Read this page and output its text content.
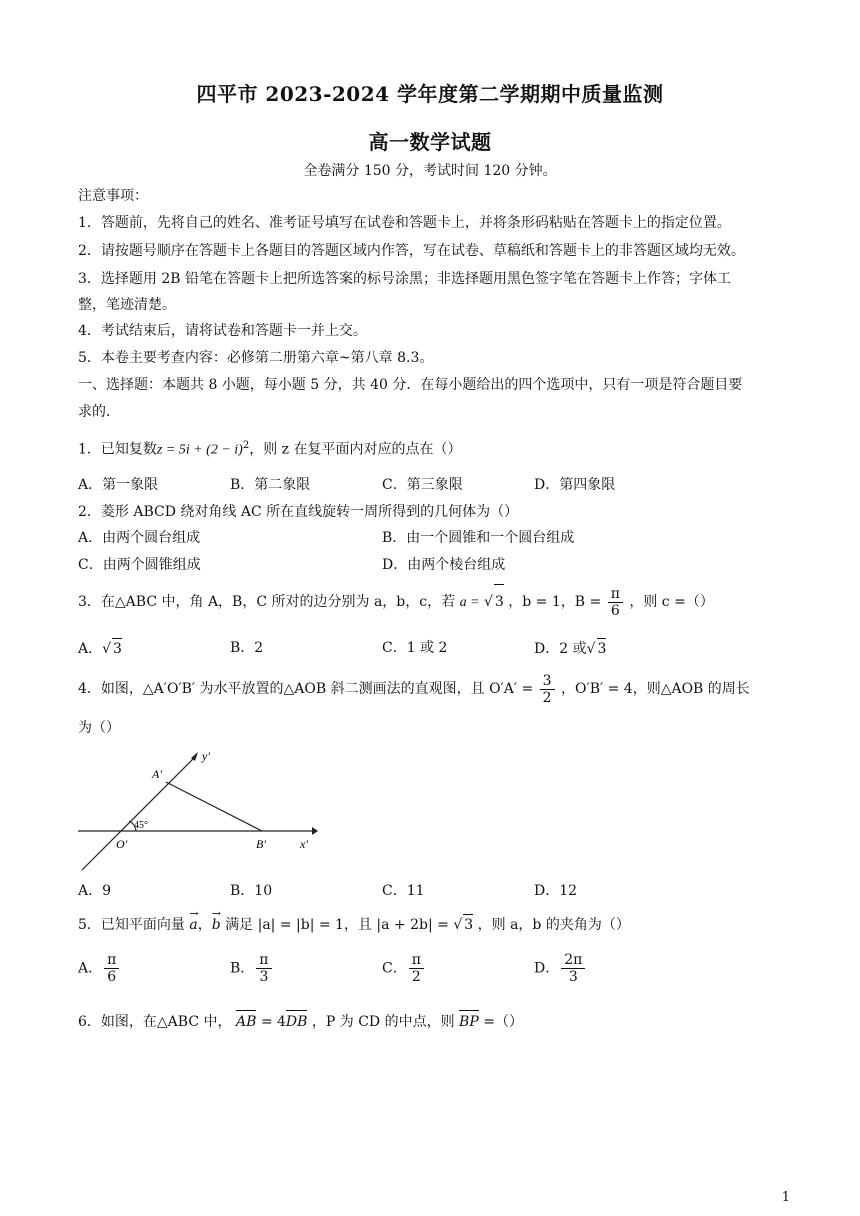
四平市 2023-2024 学年度第二学期期中质量监测
高一数学试题
全卷满分 150 分，考试时间 120 分钟。
注意事项：
1．答题前，先将自己的姓名、准考证号填写在试卷和答题卡上，并将条形码粘贴在答题卡上的指定位置。
2．请按题号顺序在答题卡上各题目的答题区域内作答，写在试卷、草稿纸和答题卡上的非答题区域均无效。
3．选择题用 2B 铅笔在答题卡上把所选答案的标号涂黑；非选择题用黑色签字笔在答题卡上作答；字体工
整，笔迹清楚。
4．考试结束后，请将试卷和答题卡一并上交。
5．本卷主要考查内容：必修第二册第六章~第八章 8.3。
一、选择题：本题共 8 小题，每小题 5 分，共 40 分．在每小题给出的四个选项中，只有一项是符合题目要
求的．
1．已知复数$z = 5i + (2 - i)^2$，则 z 在复平面内对应的点在（）
A．第一象限	B．第二象限	C．第三象限	D．第四象限
2．菱形 ABCD 绕对角线 AC 所在直线旋转一周所得到的几何体为（）
A．由两个圆台组成	B．由一个圆锥和一个圆台组成
C．由两个圆锥组成	D．由两个棱台组成
3．在△ABC 中，角 A，B，C 所对的边分别为 a，b，c，若 a = √ 3 ，b = 1，$B = \frac{\pi}{6}$ ，则 c =（）
A．√ 3	B．2	C．1 或 2	D．2 或√ 3
4．如图，△A′O′B′ 为水平放置的△AOB 斜二测画法的直观图，且 $O'A' = \frac{3}{2}$ ，O′B′ = 4，则△AOB 的周长
为（）
y′
A′
45°
O′	B′	x′
A．9	B．10	C．11	D．12
5．已知平面向量 → a，→ b 满足 |a| = |b| = 1，且 |a + 2b| = √ 3 ，则 a，b 的夹角为（）
A． $\frac{\pi}{6}$	B． $\frac{\pi}{3}$	C． $\frac{\pi}{2}$	D． $\frac{2\pi}{3}$
6．如图，在△ABC 中， AB = 4DB ，P 为 CD 的中点，则 BP =（）
1
